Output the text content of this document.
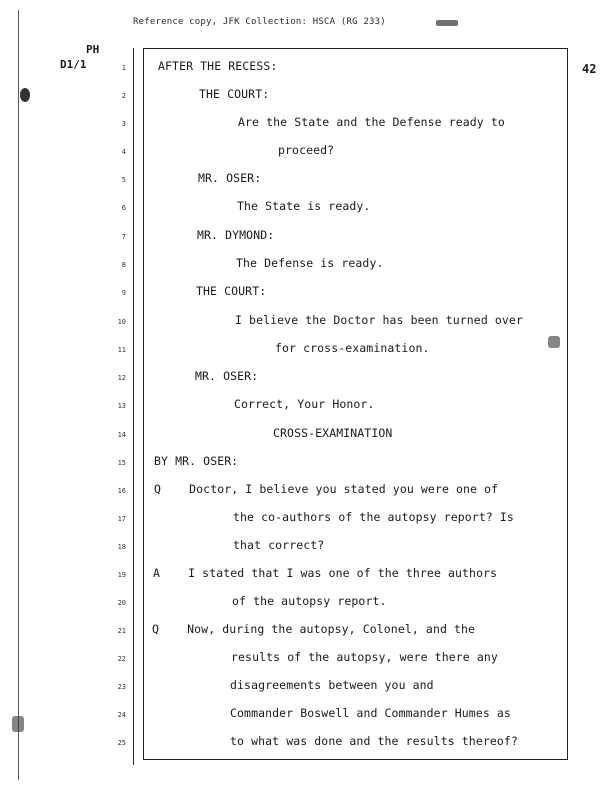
Reference copy, JFK Collection: HSCA (RG 233)
PH
D1/1	42
1
2
3
4
5
6
7
8
9
10
11
12
13
14
15
16
17
18
19
20
21
22
23
24
25
AFTER THE RECESS:
THE COURT:
Are the State and the Defense ready to
proceed?
MR. OSER:
The State is ready.
MR. DYMOND:
The Defense is ready.
THE COURT:
I believe the Doctor has been turned over
for cross-examination.
MR. OSER:
Correct, Your Honor.
CROSS-EXAMINATION
BY MR. OSER:
Q    Doctor, I believe you stated you were one of
the co-authors of the autopsy report? Is
that correct?
A    I stated that I was one of the three authors
of the autopsy report.
Q    Now, during the autopsy, Colonel, and the
results of the autopsy, were there any
disagreements between you and
Commander Boswell and Commander Humes as
to what was done and the results thereof?
